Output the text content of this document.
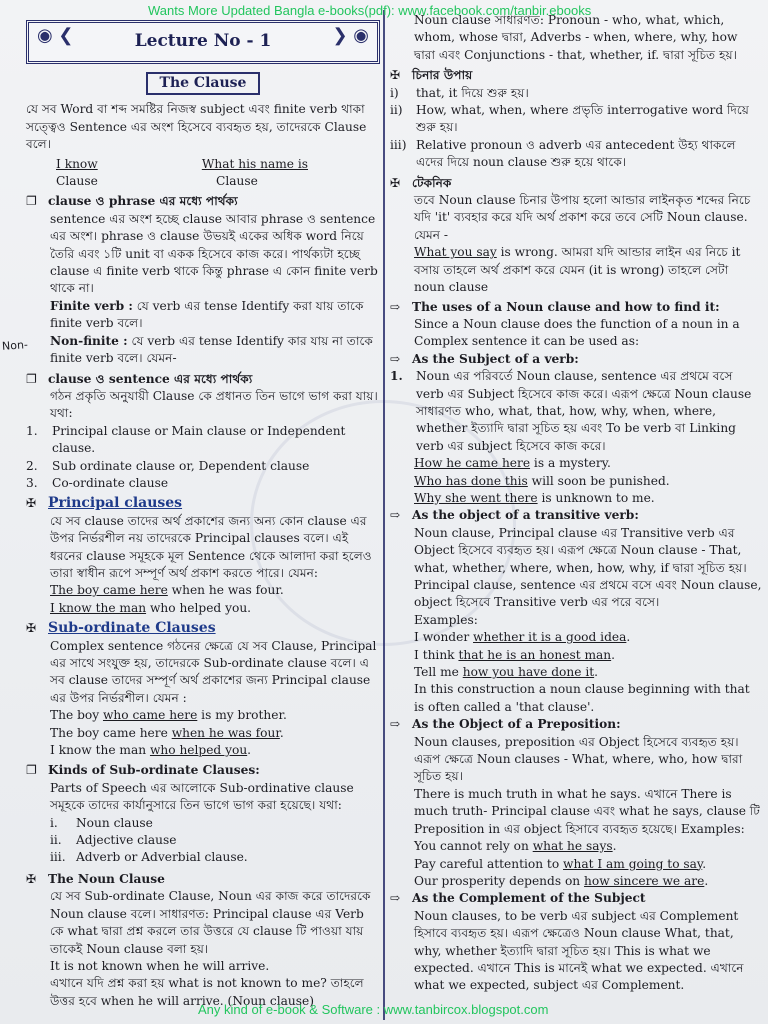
Wants More Updated Bangla e-books(pdf): www.facebook.com/tanbir.ebooks
Non-
◉ ❮	Lecture No - 1	❯ ◉
The Clause

যে সব Word বা শব্দ সমষ্টির নিজস্ব subject এবং finite verb থাকা সত্ত্বেও Sentence এর অংশ হিসেবে ব্যবহৃত হয়, তাদেরকে Clause বলে।

I know	What his name is
Clause	Clause
❐ clause ও phrase এর মধ্যে পার্থক্য

sentence এর অংশ হচ্ছে clause আবার phrase ও sentence এর অংশ। phrase ও clause উভয়ই একের অধিক word নিয়ে তৈরি এবং ১টি unit বা একক হিসেবে কাজ করে। পার্থক্যটা হচ্ছে clause এ finite verb থাকে কিন্তু phrase এ কোন finite verb থাকে না।

Finite verb : যে verb এর tense Identify করা যায় তাকে finite verb বলে।

Non-finite : যে verb এর tense Identify কার যায় না তাকে finite verb বলে। যেমন-

❐ clause ও sentence এর মধ্যে পার্থক্য

গঠন প্রকৃতি অনুযায়ী Clause কে প্রধানত তিন ভাগে ভাগ করা যায়। যথা:

1.	Principal clause or Main clause or Independent clause.
2.	Sub ordinate clause or, Dependent clause
3.	Co-ordinate clause
✠ Principal clauses

যে সব clause তাদের অর্থ প্রকাশের জন্য অন্য কোন clause এর উপর নির্ভরশীল নয় তাদেরকে Principal clauses বলে। এই ধরনের clause সমূহকে মূল Sentence থেকে আলাদা করা হলেও তারা স্বাধীন রূপে সম্পূর্ণ অর্থ প্রকাশ করতে পারে। যেমন:

The boy came here when he was four.

I know the man who helped you.

✠ Sub-ordinate Clauses

Complex sentence গঠনের ক্ষেত্রে যে সব Clause, Principal এর সাথে সংযুক্ত হয়, তাদেরকে Sub-ordinate clause বলে। এ সব clause তাদের সম্পূর্ণ অর্থ প্রকাশের জন্য Principal clause এর উপর নির্ভরশীল। যেমন :

The boy who came here is my brother.

The boy came here when he was four.

I know the man who helped you.

❐ Kinds of Sub-ordinate Clauses:

Parts of Speech এর আলোকে Sub-ordinative clause সমূহকে তাদের কার্যানুসারে তিন ভাগে ভাগ করা হয়েছে। যথা:

i.	Noun clause
ii.	Adjective clause
iii. Adverb or Adverbial clause.
✠ The Noun Clause

যে সব Sub-ordinate Clause, Noun এর কাজ করে তাদেরকে Noun clause বলে। সাধারণত: Principal clause এর Verb কে what দ্বারা প্রশ্ন করলে তার উত্তরে যে clause টি পাওয়া যায় তাকেই Noun clause বলা হয়।

It is not known when he will arrive.

এখানে যদি প্রশ্ন করা হয় what is not known to me? তাহলে উত্তর হবে when he will arrive. (Noun clause)

Noun clause সাধারণত: Pronoun - who, what, which, whom, whose দ্বারা, Adverbs - when, where, why, how দ্বারা এবং Conjunctions - that, whether, if. দ্বারা সূচিত হয়।

✠ চিনার উপায়
i)	that, it দিয়ে শুরু হয়।
ii)	How, what, when, where প্রভৃতি interrogative word দিয়ে শুরু হয়।
iii) Relative pronoun ও adverb এর antecedent উহ্য থাকলে এদের দিয়ে noun clause শুরু হয়ে থাকে।
✠ টেকনিক

তবে Noun clause চিনার উপায় হলো আন্ডার লাইনকৃত শব্দের নিচে যদি 'it' ব্যবহার করে যদি অর্থ প্রকাশ করে তবে সেটি Noun clause. যেমন -

What you say is wrong. আমরা যদি আন্ডার লাইন এর নিচে it বসায় তাহলে অর্থ প্রকাশ করে যেমন (it is wrong) তাহলে সেটা noun clause

⇨ The uses of a Noun clause and how to find it:

Since a Noun clause does the function of a noun in a Complex sentence it can be used as:

⇨ As the Subject of a verb:
1.	Noun এর পরিবর্তে Noun clause, sentence এর প্রথমে বসে verb এর Subject হিসেবে কাজ করে। এরূপ ক্ষেত্রে Noun clause সাধারণত who, what, that, how, why, when, where, whether ইত্যাদি দ্বারা সূচিত হয় এবং To be verb বা Linking verb এর subject হিসেবে কাজ করে।

How he came here is a mystery.

Who has done this will soon be punished.

Why she went there is unknown to me.

⇨ As the object of a transitive verb:

Noun clause, Principal clause এর Transitive verb এর Object হিসেবে ব্যবহৃত হয়। এরূপ ক্ষেত্রে Noun clause - That, what, whether, where, when, how, why, if দ্বারা সূচিত হয়। Principal clause, sentence এর প্রথমে বসে এবং Noun clause, object হিসেবে Transitive verb এর পরে বসে।

Examples:

I wonder whether it is a good idea.

I think that he is an honest man.

Tell me how you have done it.

In this construction a noun clause beginning with that is often called a 'that clause'.

⇨ As the Object of a Preposition:

Noun clauses, preposition এর Object হিসেবে ব্যবহৃত হয়। এরূপ ক্ষেত্রে Noun clauses - What, where, who, how দ্বারা সূচিত হয়।

There is much truth in what he says. এখানে There is much truth- Principal clause এবং what he says, clause টি Preposition in এর object হিসাবে ব্যবহৃত হয়েছে। Examples:

You cannot rely on what he says.

Pay careful attention to what I am going to say.

Our prosperity depends on how sincere we are.

⇨ As the Complement of the Subject

Noun clauses, to be verb এর subject এর Complement হিসাবে ব্যবহৃত হয়। এরূপ ক্ষেত্রেও Noun clause What, that, why, whether ইত্যাদি দ্বারা সূচিত হয়। This is what we expected. এখানে This is মানেই what we expected. এখানে what we expected, subject এর Complement.

Any kind of e-book & Software : www.tanbircox.blogspot.com
